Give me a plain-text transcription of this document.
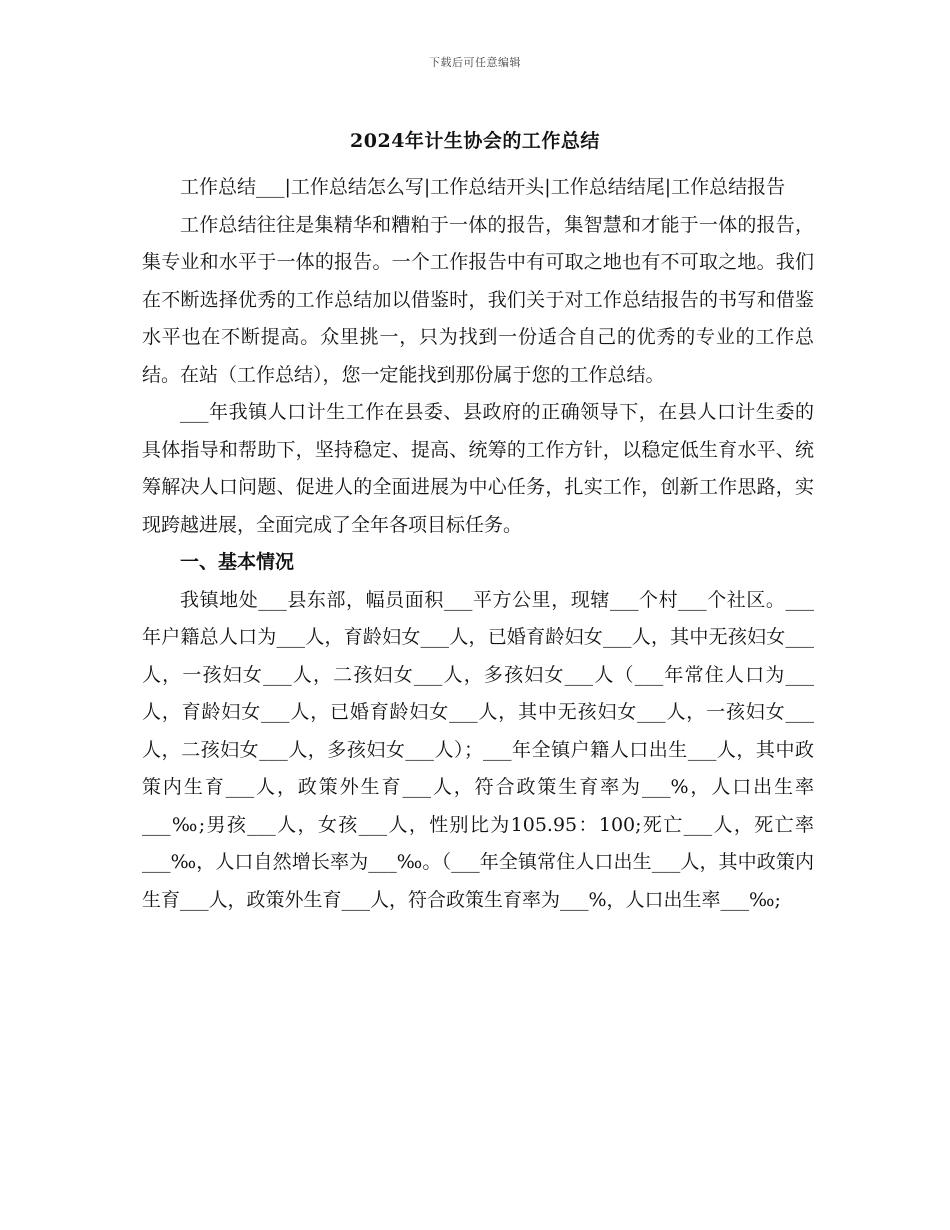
下载后可任意编辑
2024年计生协会的工作总结

工作总结___|工作总结怎么写|工作总结开头|工作总结结尾|工作总结报告

工作总结往往是集精华和糟粕于一体的报告，集智慧和才能于一体的报告，集专业和水平于一体的报告。一个工作报告中有可取之地也有不可取之地。我们在不断选择优秀的工作总结加以借鉴时，我们关于对工作总结报告的书写和借鉴水平也在不断提高。众里挑一，只为找到一份适合自己的优秀的专业的工作总结。在站（工作总结），您一定能找到那份属于您的工作总结。

___年我镇人口计生工作在县委、县政府的正确领导下，在县人口计生委的具体指导和帮助下，坚持稳定、提高、统筹的工作方针，以稳定低生育水平、统筹解决人口问题、促进人的全面进展为中心任务，扎实工作，创新工作思路，实现跨越进展，全面完成了全年各项目标任务。

一、基本情况

我镇地处___县东部，幅员面积___平方公里，现辖___个村___个社区。___年户籍总人口为___人，育龄妇女___人，已婚育龄妇女___人，其中无孩妇女___人，一孩妇女___人，二孩妇女___人，多孩妇女___人（___年常住人口为___人，育龄妇女___人，已婚育龄妇女___人，其中无孩妇女___人，一孩妇女___人，二孩妇女___人，多孩妇女___人）；___年全镇户籍人口出生___人，其中政策内生育___人，政策外生育___人，符合政策生育率为___%，人口出生率___‰;男孩___人，女孩___人，性别比为105.95：100;死亡___人，死亡率___‰，人口自然增长率为___‰。（___年全镇常住人口出生___人，其中政策内生育___人，政策外生育___人，符合政策生育率为___%，人口出生率___‰;
